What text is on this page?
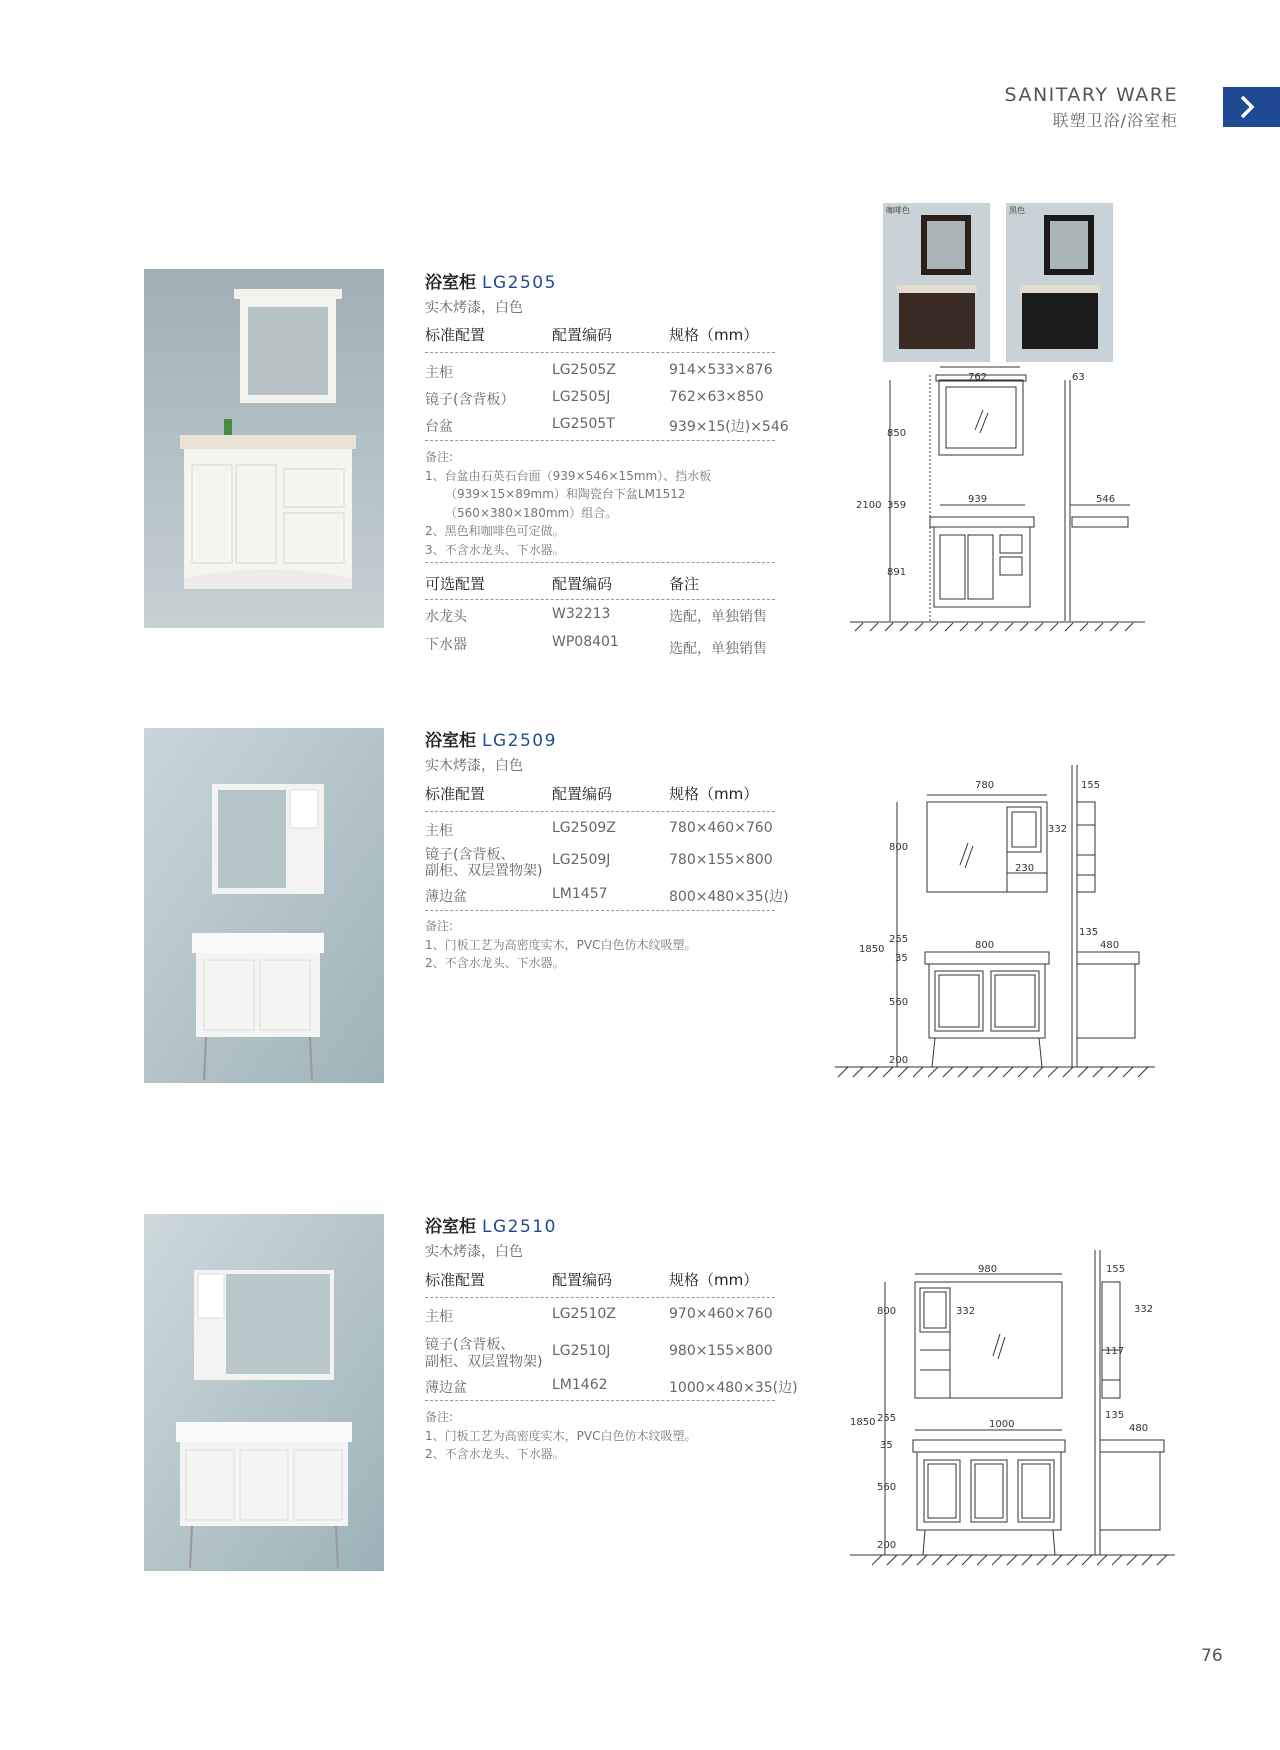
SANITARY WARE
联塑卫浴/浴室柜
浴室柜 LG2505
实木烤漆，白色
标准配置	配置编码	规格（mm）
主柜	LG2505Z	914×533×876
镜子(含背板）	LG2505J	762×63×850
台盆	LG2505T	939×15(边)×546
备注:
1、台盆由石英石台面（939×546×15mm）、挡水板
（939×15×89mm）和陶瓷台下盆LM1512
（560×380×180mm）组合。
2、黑色和咖啡色可定做。
3、不含水龙头、下水器。
可选配置	配置编码	备注
水龙头	W32213	选配，单独销售
下水器	WP08401	选配，单独销售
咖啡色	黑色
762	63
850
939	546
2100 359
891
浴室柜 LG2509
实木烤漆，白色
标准配置	配置编码	规格（mm）
主柜	LG2509Z	780×460×760
镜子(含背板、
副柜、双层置物架)
LG2509J	780×155×800
薄边盆	LM1457	800×480×35(边)
备注:
1、门板工艺为高密度实木，PVC白色仿木纹吸塑。
2、不含水龙头、下水器。
780	155
332
800
230
135
255
800	480
1850
35
560
200
浴室柜 LG2510
实木烤漆，白色
标准配置	配置编码	规格（mm）
主柜	LG2510Z	970×460×760
镜子(含背板、
副柜、双层置物架)
LG2510J	980×155×800
薄边盆	LM1462	1000×480×35(边)
备注:
1、门板工艺为高密度实木，PVC白色仿木纹吸塑。
2、不含水龙头、下水器。
980	155
800	332	332
117
1850 255
1000
135
480
35
560
200
76
